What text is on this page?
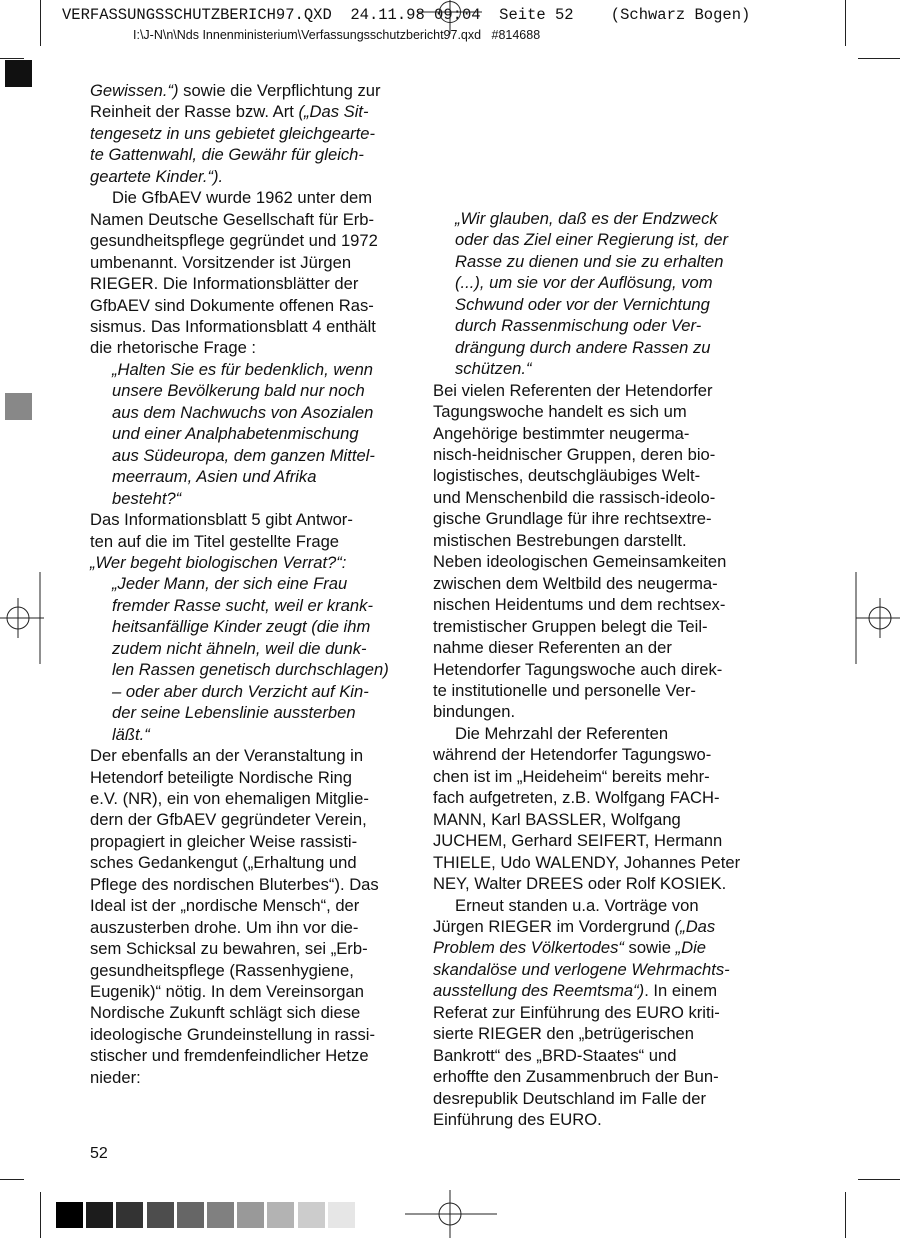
VERFASSUNGSSCHUTZBERICH97.QXD  24.11.98 09:04  Seite 52    (Schwarz Bogen)
I:\J-N\n\Nds Innenministerium\Verfassungsschutzbericht97.qxd   #814688

Gewissen.“) sowie die Verpflichtung zur

Reinheit der Rasse bzw. Art („Das Sit-

tengesetz in uns gebietet gleichgearte-

te Gattenwahl, die Gewähr für gleich-

geartete Kinder.“).

Die GfbAEV wurde 1962 unter dem

Namen Deutsche Gesellschaft für Erb-

gesundheitspflege gegründet und 1972

umbenannt. Vorsitzender ist Jürgen

RIEGER. Die Informationsblätter der

GfbAEV sind Dokumente offenen Ras-

sismus. Das Informationsblatt 4 enthält

die rhetorische Frage :

„Halten Sie es für bedenklich, wenn

unsere Bevölkerung bald nur noch

aus dem Nachwuchs von Asozialen

und einer Analphabetenmischung

aus Südeuropa, dem ganzen Mittel-

meerraum, Asien und Afrika

besteht?“

Das Informationsblatt 5 gibt Antwor-

ten auf die im Titel gestellte Frage

„Wer begeht biologischen Verrat?“:

„Jeder Mann, der sich eine Frau

fremder Rasse sucht, weil er krank-

heitsanfällige Kinder zeugt (die ihm

zudem nicht ähneln, weil die dunk-

len Rassen genetisch durchschlagen)

– oder aber durch Verzicht auf Kin-

der seine Lebenslinie aussterben

läßt.“

Der ebenfalls an der Veranstaltung in

Hetendorf beteiligte Nordische Ring

e.V. (NR), ein von ehemaligen Mitglie-

dern der GfbAEV gegründeter Verein,

propagiert in gleicher Weise rassisti-

sches Gedankengut („Erhaltung und

Pflege des nordischen Bluterbes“). Das

Ideal ist der „nordische Mensch“, der

auszusterben drohe. Um ihn vor die-

sem Schicksal zu bewahren, sei „Erb-

gesundheitspflege (Rassenhygiene,

Eugenik)“ nötig. In dem Vereinsorgan

Nordische Zukunft schlägt sich diese

ideologische Grundeinstellung in rassi-

stischer und fremdenfeindlicher Hetze

nieder:

„Wir glauben, daß es der Endzweck

oder das Ziel einer Regierung ist, der

Rasse zu dienen und sie zu erhalten

(...), um sie vor der Auflösung, vom

Schwund oder vor der Vernichtung

durch Rassenmischung oder Ver-

drängung durch andere Rassen zu

schützen.“

Bei vielen Referenten der Hetendorfer

Tagungswoche handelt es sich um

Angehörige bestimmter neugerma-

nisch-heidnischer Gruppen, deren bio-

logistisches, deutschgläubiges Welt-

und Menschenbild die rassisch-ideolo-

gische Grundlage für ihre rechtsextre-

mistischen Bestrebungen darstellt.

Neben ideologischen Gemeinsamkeiten

zwischen dem Weltbild des neugerma-

nischen Heidentums und dem rechtsex-

tremistischer Gruppen belegt die Teil-

nahme dieser Referenten an der

Hetendorfer Tagungswoche auch direk-

te institutionelle und personelle Ver-

bindungen.

Die Mehrzahl der Referenten

während der Hetendorfer Tagungswo-

chen ist im „Heideheim“ bereits mehr-

fach aufgetreten, z.B. Wolfgang FACH-

MANN, Karl BASSLER, Wolfgang

JUCHEM, Gerhard SEIFERT, Hermann

THIELE, Udo WALENDY, Johannes Peter

NEY, Walter DREES oder Rolf KOSIEK.

Erneut standen u.a. Vorträge von

Jürgen RIEGER im Vordergrund („Das

Problem des Völkertodes“ sowie „Die

skandalöse und verlogene Wehrmachts-

ausstellung des Reemtsma“). In einem

Referat zur Einführung des EURO kriti-

sierte RIEGER den „betrügerischen

Bankrott“ des „BRD-Staates“ und

erhoffte den Zusammenbruch der Bun-

desrepublik Deutschland im Falle der

Einführung des EURO.

52
